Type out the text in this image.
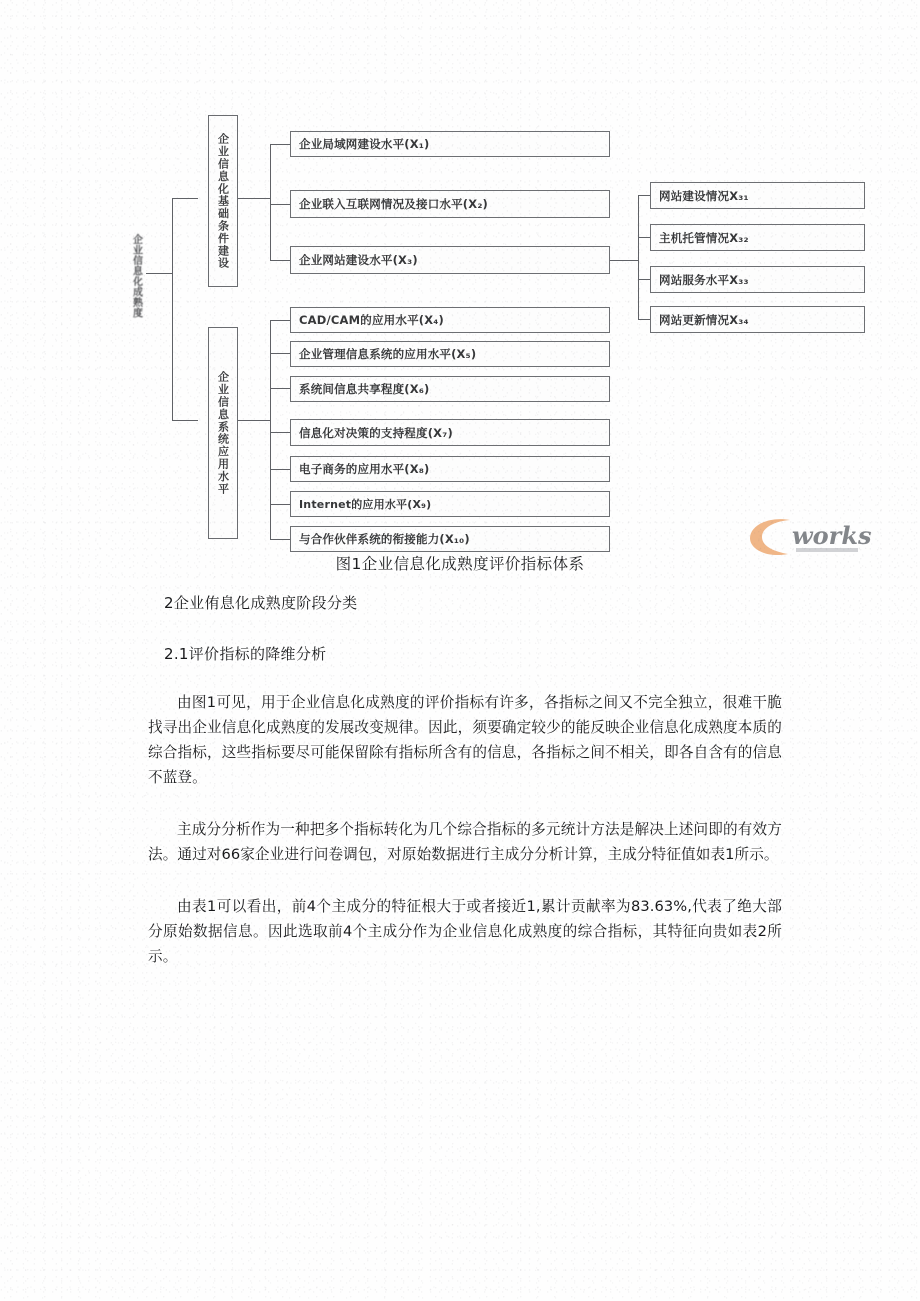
企业信息化成熟度
企业信息化基础条件建设
企业信息系统应用水平
企业局域网建设水平(X₁)
企业联入互联网情况及接口水平(X₂)
企业网站建设水平(X₃)
网站建设情况X₃₁
主机托管情况X₃₂
网站服务水平X₃₃
网站更新情况X₃₄
CAD/CAM的应用水平(X₄)
企业管理信息系统的应用水平(X₅)
系统间信息共享程度(X₆)
信息化对决策的支持程度(X₇)
电子商务的应用水平(X₈)
Internet的应用水平(X₉)
与合作伙伴系统的衔接能力(X₁₀)	works
图1企业信息化成熟度评价指标体系
2企业侑息化成熟度阶段分类
2.1评价指标的降维分析

由图1可见，用于企业信息化成熟度的评价指标有许多，各指标之间又不完全独立，很难干脆找寻出企业信息化成熟度的发展改变规律。因此，须要确定较少的能反映企业信息化成熟度本质的综合指标，这些指标要尽可能保留除有指标所含有的信息，各指标之间不相关，即各自含有的信息不蓝登。

主成分分析作为一种把多个指标转化为几个综合指标的多元统计方法是解决上述问即的有效方法。通过对66家企业进行问卷调包，对原始数据进行主成分分析计算，主成分特征值如表1所示。

由表1可以看出，前4个主成分的特征根大于或者接近1,累计贡献率为83.63%,代表了绝大部分原始数据信息。因此选取前4个主成分作为企业信息化成熟度的综合指标，其特征向贵如表2所示。
